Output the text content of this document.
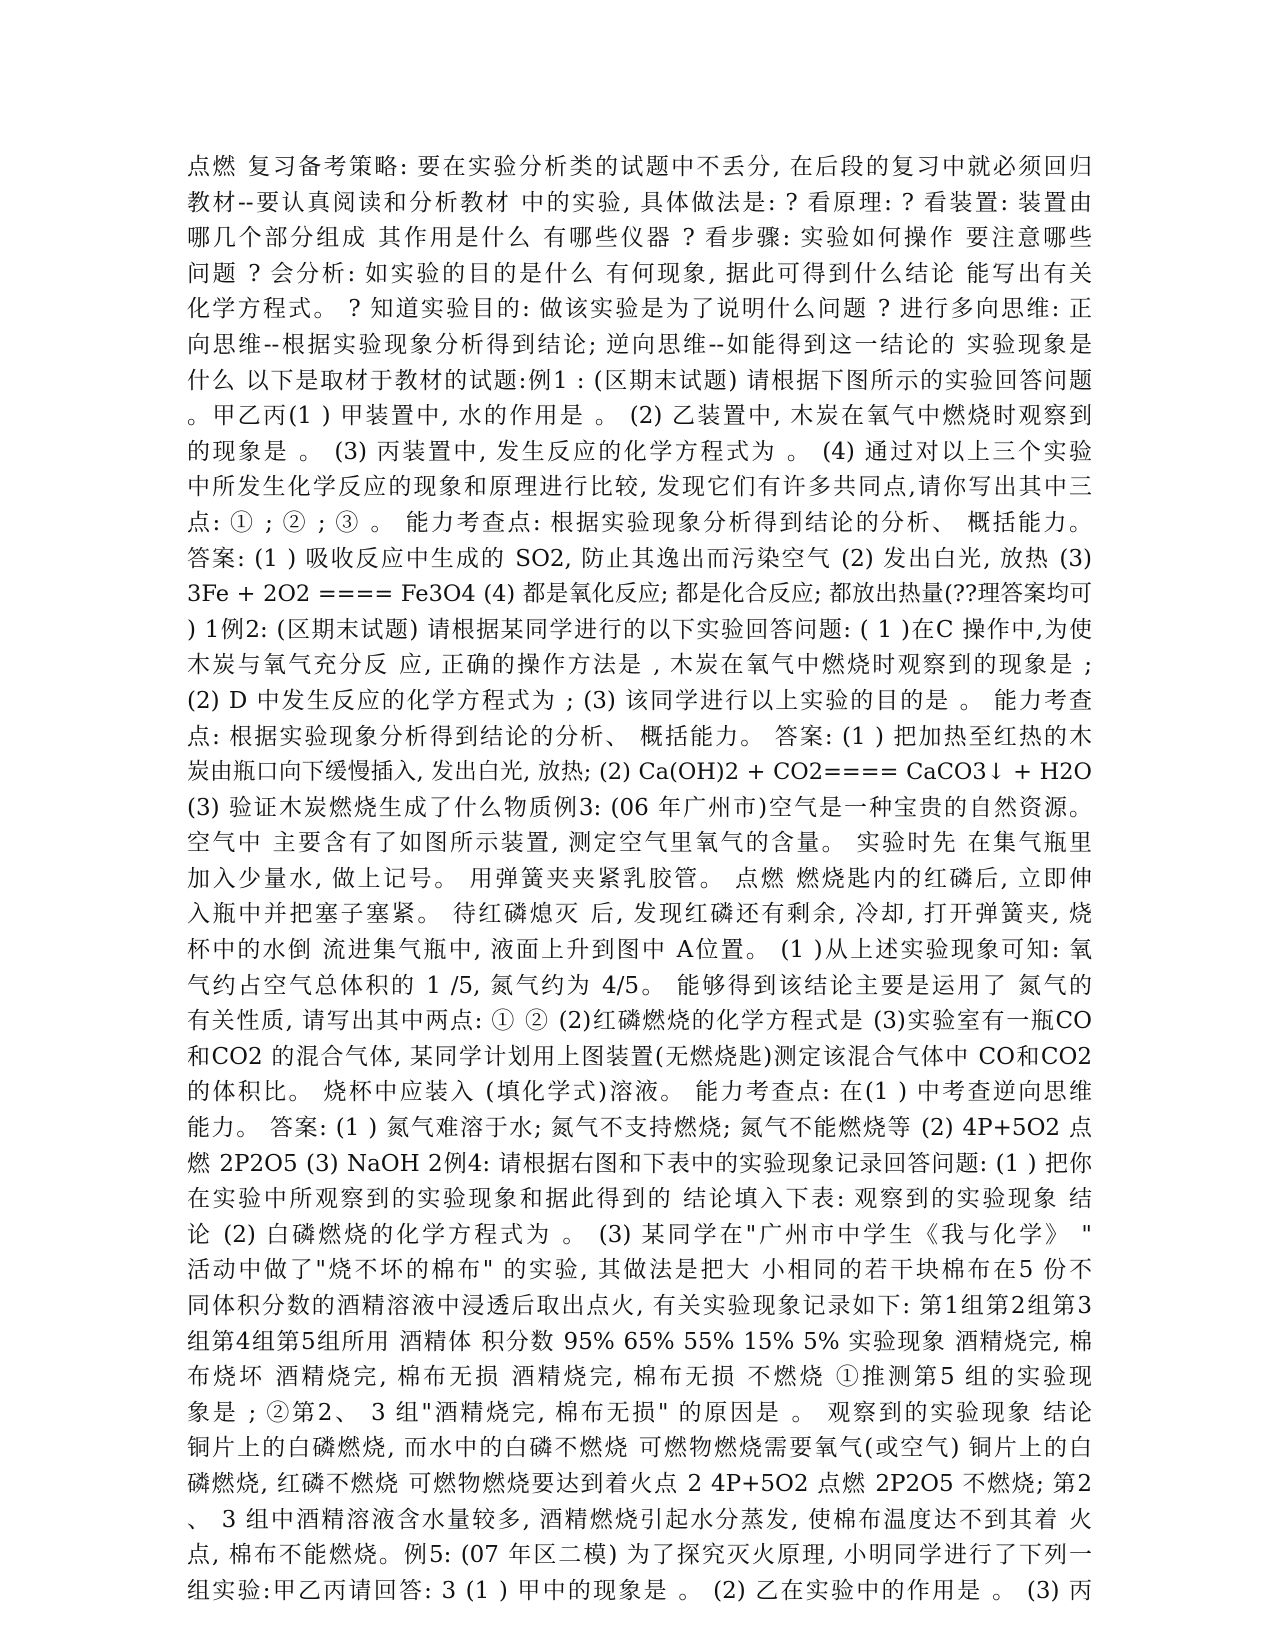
点燃 复习备考策略: 要在实验分析类的试题中不丢分, 在后段的复习中就必须回归
教材--要认真阅读和分析教材 中的实验, 具体做法是: ? 看原理: ? 看装置: 装置由
哪几个部分组成 其作用是什么 有哪些仪器 ? 看步骤: 实验如何操作 要注意哪些
问题 ? 会分析: 如实验的目的是什么 有何现象, 据此可得到什么结论 能写出有关
化学方程式。 ? 知道实验目的: 做该实验是为了说明什么问题 ? 进行多向思维: 正
向思维--根据实验现象分析得到结论; 逆向思维--如能得到这一结论的 实验现象是
什么 以下是取材于教材的试题:例1 : (区期末试题) 请根据下图所示的实验回答问题
。甲乙丙(1 ) 甲装置中, 水的作用是 。 (2) 乙装置中, 木炭在氧气中燃烧时观察到
的现象是 。 (3) 丙装置中, 发生反应的化学方程式为 。 (4) 通过对以上三个实验
中所发生化学反应的现象和原理进行比较, 发现它们有许多共同点,请你写出其中三
点: ① ; ② ; ③ 。 能力考查点: 根据实验现象分析得到结论的分析、 概括能力。
答案: (1 ) 吸收反应中生成的 SO2, 防止其逸出而污染空气 (2) 发出白光, 放热 (3)
3Fe + 2O2 ==== Fe3O4 (4) 都是氧化反应; 都是化合反应; 都放出热量(??理答案均可
) 1例2: (区期末试题) 请根据某同学进行的以下实验回答问题: ( 1 )在C 操作中,为使
木炭与氧气充分反 应, 正确的操作方法是 , 木炭在氧气中燃烧时观察到的现象是 ;
(2) D 中发生反应的化学方程式为 ; (3) 该同学进行以上实验的目的是 。 能力考查
点: 根据实验现象分析得到结论的分析、 概括能力。 答案: (1 ) 把加热至红热的木
炭由瓶口向下缓慢插入, 发出白光, 放热; (2) Ca(OH)2 + CO2==== CaCO3↓ + H2O
(3) 验证木炭燃烧生成了什么物质例3: (06 年广州市)空气是一种宝贵的自然资源。
空气中 主要含有了如图所示装置, 测定空气里氧气的含量。 实验时先 在集气瓶里
加入少量水, 做上记号。 用弹簧夹夹紧乳胶管。 点燃 燃烧匙内的红磷后, 立即伸
入瓶中并把塞子塞紧。 待红磷熄灭 后, 发现红磷还有剩余, 冷却, 打开弹簧夹, 烧
杯中的水倒 流进集气瓶中, 液面上升到图中 A位置。 (1 )从上述实验现象可知: 氧
气约占空气总体积的 1 /5, 氮气约为 4/5。 能够得到该结论主要是运用了 氮气的
有关性质, 请写出其中两点: ① ② (2)红磷燃烧的化学方程式是 (3)实验室有一瓶CO
和CO2 的混合气体, 某同学计划用上图装置(无燃烧匙)测定该混合气体中 CO和CO2
的体积比。 烧杯中应装入 (填化学式)溶液。 能力考查点: 在(1 ) 中考查逆向思维
能力。 答案: (1 ) 氮气难溶于水; 氮气不支持燃烧; 氮气不能燃烧等 (2) 4P+5O2 点
燃 2P2O5 (3) NaOH 2例4: 请根据右图和下表中的实验现象记录回答问题: (1 ) 把你
在实验中所观察到的实验现象和据此得到的 结论填入下表: 观察到的实验现象 结
论 (2) 白磷燃烧的化学方程式为 。 (3) 某同学在"广州市中学生《我与化学》 "
活动中做了"烧不坏的棉布" 的实验, 其做法是把大 小相同的若干块棉布在5 份不
同体积分数的酒精溶液中浸透后取出点火, 有关实验现象记录如下: 第1组第2组第3
组第4组第5组所用 酒精体 积分数 95% 65% 55% 15% 5% 实验现象 酒精烧完, 棉
布烧坏 酒精烧完, 棉布无损 酒精烧完, 棉布无损 不燃烧 ①推测第5 组的实验现
象是 ; ②第2、 3 组"酒精烧完, 棉布无损" 的原因是 。 观察到的实验现象 结论
铜片上的白磷燃烧, 而水中的白磷不燃烧 可燃物燃烧需要氧气(或空气) 铜片上的白
磷燃烧, 红磷不燃烧 可燃物燃烧要达到着火点 2 4P+5O2 点燃 2P2O5 不燃烧; 第2
、 3 组中酒精溶液含水量较多, 酒精燃烧引起水分蒸发, 使棉布温度达不到其着 火
点, 棉布不能燃烧。例5: (07 年区二模) 为了探究灭火原理, 小明同学进行了下列一
组实验:甲乙丙请回答: 3 (1 ) 甲中的现象是 。 (2) 乙在实验中的作用是 。 (3) 丙
